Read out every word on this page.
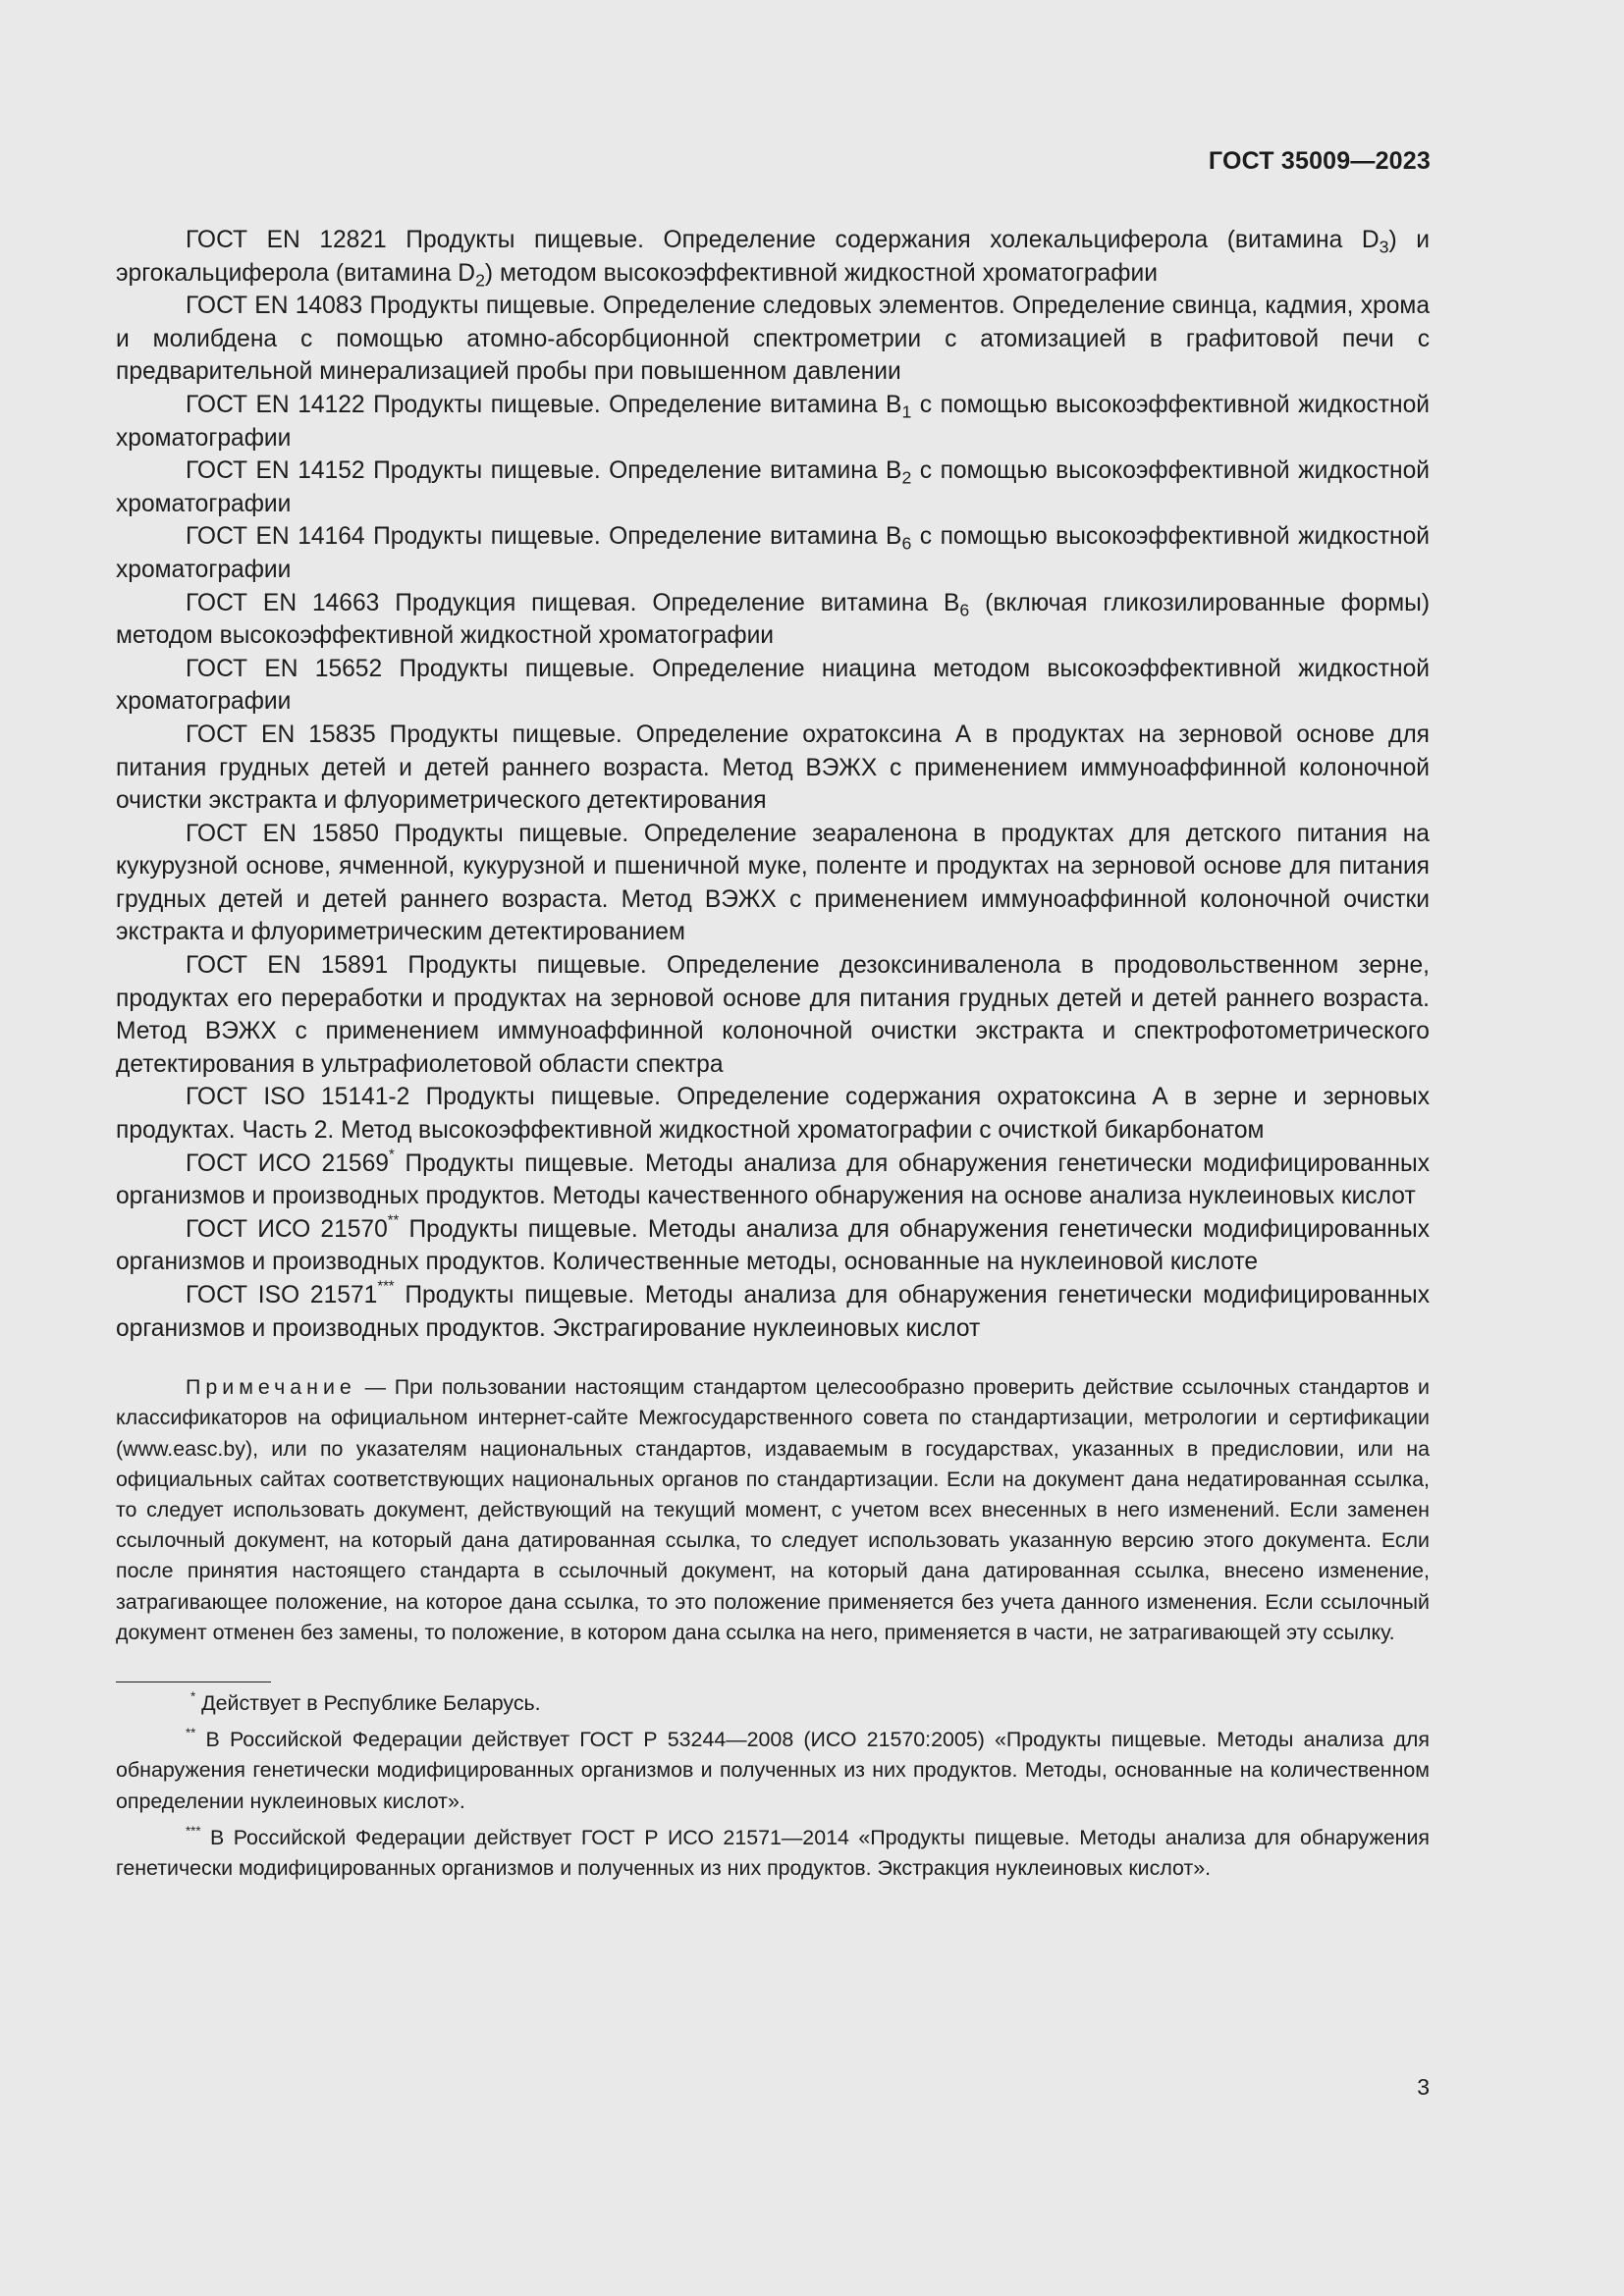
ГОСТ 35009—2023

ГОСТ EN 12821 Продукты пищевые. Определение содержания холекальциферола (витамина $D_3$) и эргокальциферола (витамина $D_2$) методом высокоэффективной жидкостной хроматографии

ГОСТ EN 14083 Продукты пищевые. Определение следовых элементов. Определение свинца, кадмия, хрома и молибдена с помощью атомно-абсорбционной спектрометрии с атомизацией в графитовой печи с предварительной минерализацией пробы при повышенном давлении

ГОСТ EN 14122 Продукты пищевые. Определение витамина $B_1$ с помощью высокоэффективной жидкостной хроматографии

ГОСТ EN 14152 Продукты пищевые. Определение витамина $B_2$ с помощью высокоэффективной жидкостной хроматографии

ГОСТ EN 14164 Продукты пищевые. Определение витамина $B_6$ с помощью высокоэффективной жидкостной хроматографии

ГОСТ EN 14663 Продукция пищевая. Определение витамина $B_6$ (включая гликозилированные формы) методом высокоэффективной жидкостной хроматографии

ГОСТ EN 15652 Продукты пищевые. Определение ниацина методом высокоэффективной жидкостной хроматографии

ГОСТ EN 15835 Продукты пищевые. Определение охратоксина А в продуктах на зерновой основе для питания грудных детей и детей раннего возраста. Метод ВЭЖХ с применением иммуноаффинной колоночной очистки экстракта и флуориметрического детектирования

ГОСТ EN 15850 Продукты пищевые. Определение зеараленона в продуктах для детского питания на кукурузной основе, ячменной, кукурузной и пшеничной муке, поленте и продуктах на зерновой основе для питания грудных детей и детей раннего возраста. Метод ВЭЖХ с применением иммуноаффинной колоночной очистки экстракта и флуориметрическим детектированием

ГОСТ EN 15891 Продукты пищевые. Определение дезоксиниваленола в продовольственном зерне, продуктах его переработки и продуктах на зерновой основе для питания грудных детей и детей раннего возраста. Метод ВЭЖХ с применением иммуноаффинной колоночной очистки экстракта и спектрофотометрического детектирования в ультрафиолетовой области спектра

ГОСТ ISO 15141-2 Продукты пищевые. Определение содержания охратоксина А в зерне и зерновых продуктах. Часть 2. Метод высокоэффективной жидкостной хроматографии с очисткой бикарбонатом

ГОСТ ИСО 21569* Продукты пищевые. Методы анализа для обнаружения генетически модифицированных организмов и производных продуктов. Методы качественного обнаружения на основе анализа нуклеиновых кислот

ГОСТ ИСО 21570** Продукты пищевые. Методы анализа для обнаружения генетически модифицированных организмов и производных продуктов. Количественные методы, основанные на нуклеиновой кислоте

ГОСТ ISO 21571*** Продукты пищевые. Методы анализа для обнаружения генетически модифицированных организмов и производных продуктов. Экстрагирование нуклеиновых кислот

Примечание — При пользовании настоящим стандартом целесообразно проверить действие ссылочных стандартов и классификаторов на официальном интернет-сайте Межгосударственного совета по стандартизации, метрологии и сертификации (www.easc.by), или по указателям национальных стандартов, издаваемым в государствах, указанных в предисловии, или на официальных сайтах соответствующих национальных органов по стандартизации. Если на документ дана недатированная ссылка, то следует использовать документ, действующий на текущий момент, с учетом всех внесенных в него изменений. Если заменен ссылочный документ, на который дана датированная ссылка, то следует использовать указанную версию этого документа. Если после принятия настоящего стандарта в ссылочный документ, на который дана датированная ссылка, внесено изменение, затрагивающее положение, на которое дана ссылка, то это положение применяется без учета данного изменения. Если ссылочный документ отменен без замены, то положение, в котором дана ссылка на него, применяется в части, не затрагивающей эту ссылку.

* Действует в Республике Беларусь.

** В Российской Федерации действует ГОСТ Р 53244—2008 (ИСО 21570:2005) «Продукты пищевые. Методы анализа для обнаружения генетически модифицированных организмов и полученных из них продуктов. Методы, основанные на количественном определении нуклеиновых кислот».

*** В Российской Федерации действует ГОСТ Р ИСО 21571—2014 «Продукты пищевые. Методы анализа для обнаружения генетически модифицированных организмов и полученных из них продуктов. Экстракция нуклеиновых кислот».

3
